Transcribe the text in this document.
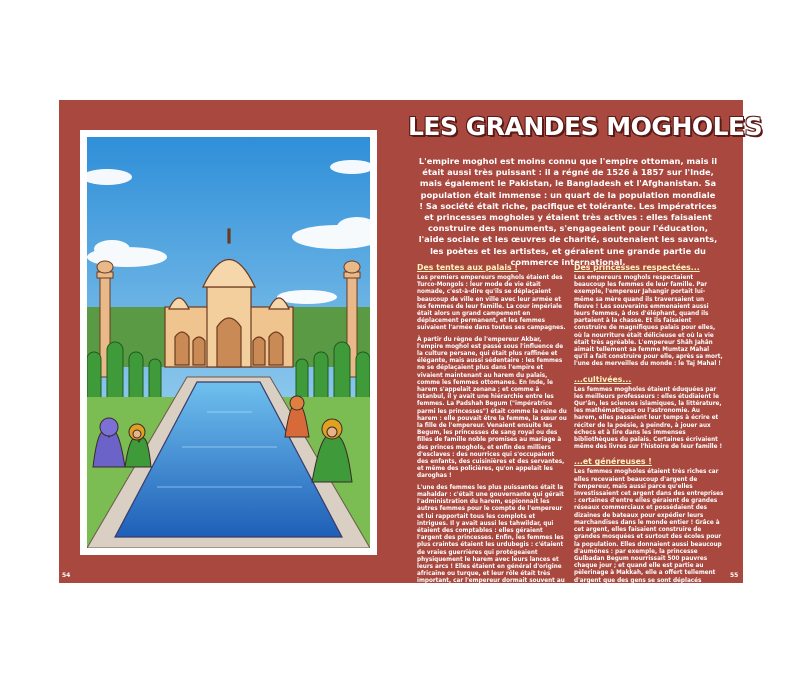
LES GRANDES MOGHOLES
L'empire moghol est moins connu que l'empire ottoman, mais il était aussi très puissant : il a régné de 1526 à 1857 sur l'Inde, mais également le Pakistan, le Bangladesh et l'Afghanistan. Sa population était immense : un quart de la population mondiale ! Sa société était riche, pacifique et tolérante. Les impératrices et princesses mogholes y étaient très actives : elles faisaient construire des monuments, s'engageaient pour l'éducation, l'aide sociale et les œuvres de charité, soutenaient les savants, les poètes et les artistes, et géraient une grande partie du commerce international.
Des tentes aux palais !

Les premiers empereurs moghols étaient des Turco-Mongols : leur mode de vie était nomade, c'est-à-dire qu'ils se déplaçaient beaucoup de ville en ville avec leur armée et les femmes de leur famille. La cour impériale était alors un grand campement en déplacement permanent, et les femmes suivaient l'armée dans toutes ses campagnes.

À partir du règne de l'empereur Akbar, l'empire moghol est passé sous l'influence de la culture persane, qui était plus raffinée et élégante, mais aussi sédentaire : les femmes ne se déplaçaient plus dans l'empire et vivaient maintenant au harem du palais, comme les femmes ottomanes. En Inde, le harem s'appelait zenana ; et comme à Istanbul, il y avait une hiérarchie entre les femmes. La Padshah Begum ("impératrice parmi les princesses") était comme la reine du harem : elle pouvait être la femme, la sœur ou la fille de l'empereur. Venaient ensuite les Begum, les princesses de sang royal ou des filles de famille noble promises au mariage à des princes moghols, et enfin des milliers d'esclaves : des nourrices qui s'occupaient des enfants, des cuisinières et des servantes, et même des policières, qu'on appelait les daroghas !

L'une des femmes les plus puissantes était la mahaldar : c'était une gouvernante qui gérait l'administration du harem, espionnait les autres femmes pour le compte de l'empereur et lui rapportait tous les complots et intrigues. Il y avait aussi les tahwildar, qui étaient des comptables : elles géraient l'argent des princesses. Enfin, les femmes les plus craintes étaient les urdubegis : c'étaient de vraies guerrières qui protégeaient physiquement le harem avec leurs lances et leurs arcs ! Elles étaient en général d'origine africaine ou turque, et leur rôle était très important, car l'empereur dormait souvent au harem : elles devaient donc le protéger en cas d'attaque.

Des princesses respectées...

Les empereurs moghols respectaient beaucoup les femmes de leur famille. Par exemple, l'empereur Jahangir portait lui-même sa mère quand ils traversaient un fleuve ! Les souverains emmenaient aussi leurs femmes, à dos d'éléphant, quand ils partaient à la chasse. Et ils faisaient construire de magnifiques palais pour elles, où la nourriture était délicieuse et où la vie était très agréable. L'empereur Shâh Jahân aimait tellement sa femme Mumtaz Mahal qu'il a fait construire pour elle, après sa mort, l'une des merveilles du monde : le Taj Mahal !

...cultivées...

Les femmes mogholes étaient éduquées par les meilleurs professeurs : elles étudiaient le Qur'ân, les sciences islamiques, la littérature, les mathématiques ou l'astronomie. Au harem, elles passaient leur temps à écrire et réciter de la poésie, à peindre, à jouer aux échecs et à lire dans les immenses bibliothèques du palais. Certaines écrivaient même des livres sur l'histoire de leur famille !

...et généreuses !

Les femmes mogholes étaient très riches car elles recevaient beaucoup d'argent de l'empereur, mais aussi parce qu'elles investissaient cet argent dans des entreprises : certaines d'entre elles géraient de grandes réseaux commerciaux et possédaient des dizaines de bateaux pour expédier leurs marchandises dans le monde entier ! Grâce à cet argent, elles faisaient construire de grandes mosquées et surtout des écoles pour la population. Elles donnaient aussi beaucoup d'aumônes : par exemple, la princesse Gulbadan Begum nourrissait 500 pauvres chaque jour ; et quand elle est partie au pèlerinage à Makkah, elle a offert tellement d'argent que des gens se sont déplacés depuis la Turquie pour en profiter !

54	55
